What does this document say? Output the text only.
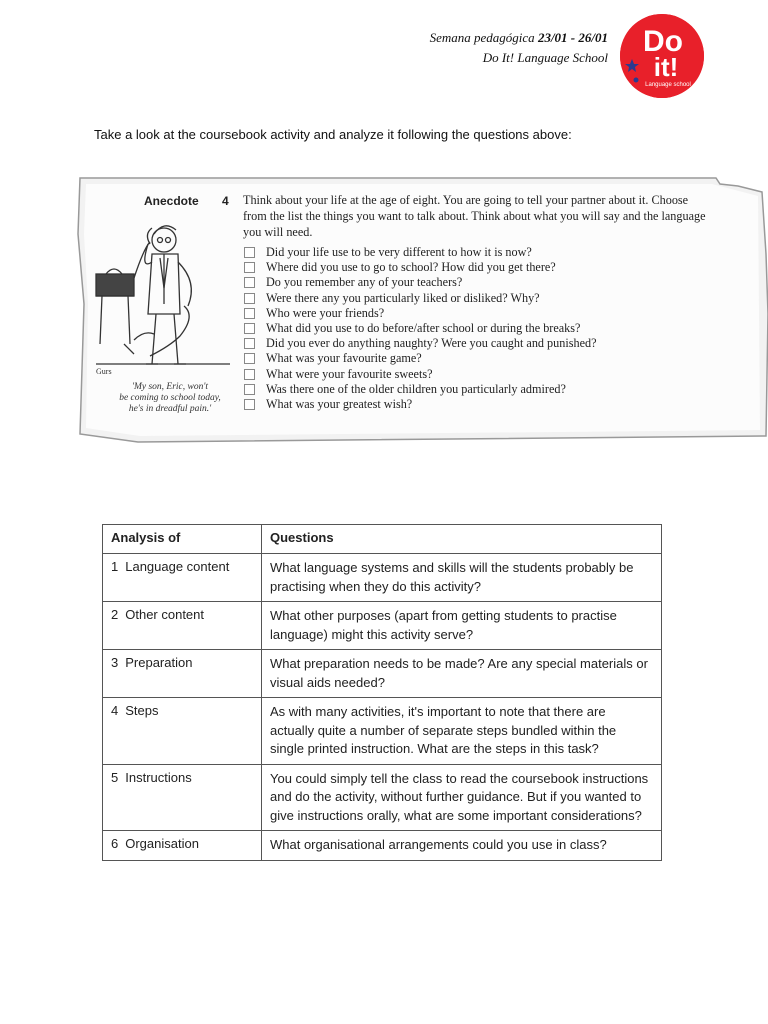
Semana pedagógica 23/01 - 26/01
Do It! Language School Do
it!
Language school
Take a look at the coursebook activity and analyze it following the questions above:
Anecdote 4 Think about your life at the age of eight. You are going to tell your partner about it. Choose from the list the things you want to talk about. Think about what you will say and the language you will need.
Gurs
'My son, Eric, won't
be coming to school today,
he's in dreadful pain.'
Did your life use to be very different to how it is now?
Where did you use to go to school? How did you get there?
Do you remember any of your teachers?
Were there any you particularly liked or disliked? Why?
Who were your friends?
What did you use to do before/after school or during the breaks?
Did you ever do anything naughty? Were you caught and punished?
What was your favourite game?
What were your favourite sweets?
Was there one of the older children you particularly admired?
What was your greatest wish?
Analysis of	Questions
1 Language content	What language systems and skills will the students probably be practising when they do this activity?
2 Other content	What other purposes (apart from getting students to practise language) might this activity serve?
3 Preparation	What preparation needs to be made? Are any special materials or visual aids needed?
4 Steps	As with many activities, it's important to note that there are actually quite a number of separate steps bundled within the single printed instruction. What are the steps in this task?
5 Instructions	You could simply tell the class to read the coursebook instructions and do the activity, without further guidance. But if you wanted to give instructions orally, what are some important considerations?
6 Organisation	What organisational arrangements could you use in class?
